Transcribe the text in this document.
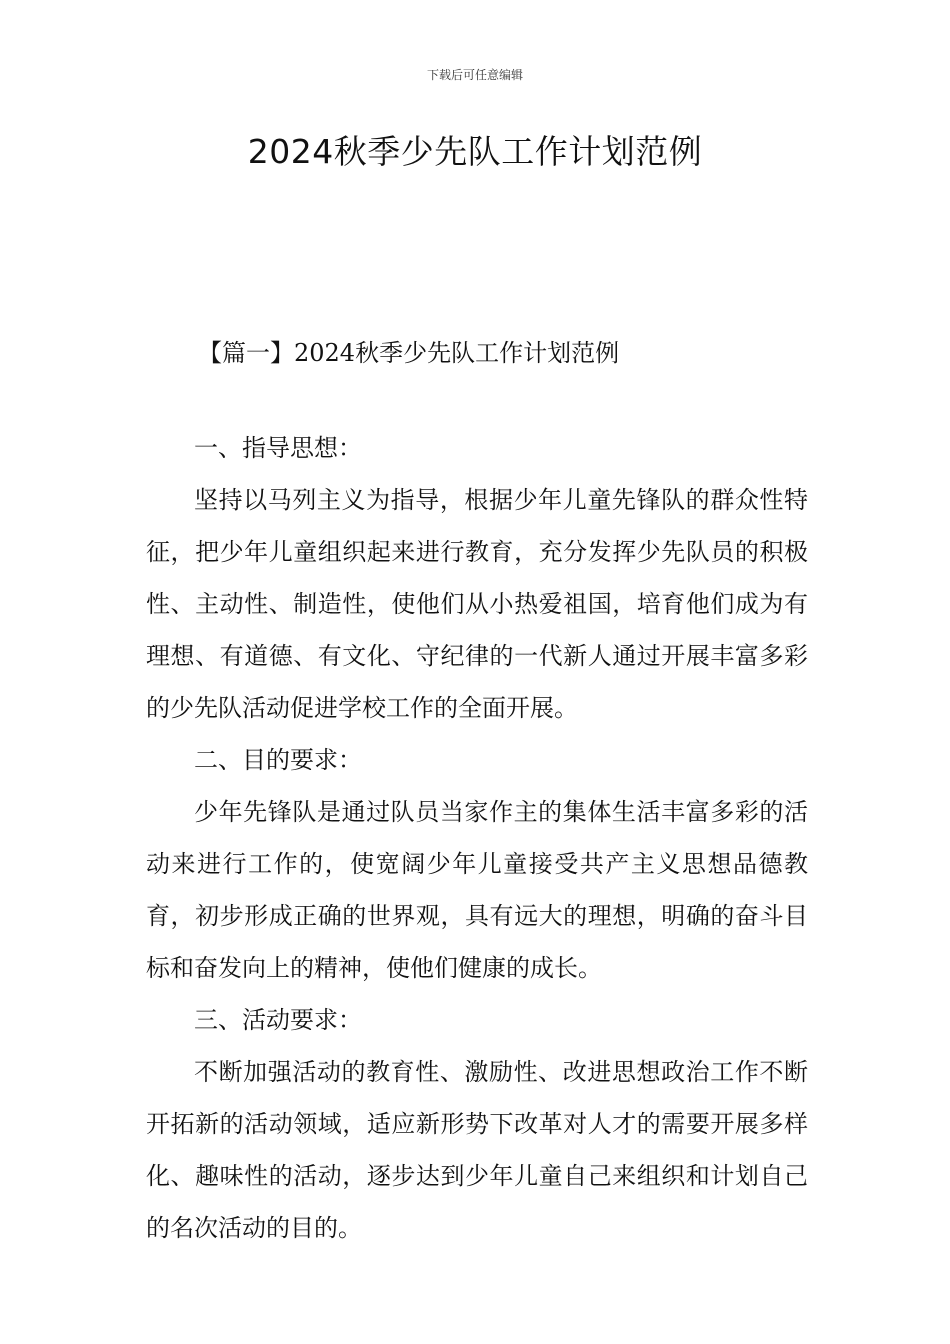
下载后可任意编辑
2024秋季少先队工作计划范例
【篇一】2024秋季少先队工作计划范例

一、指导思想：

坚持以马列主义为指导，根据少年儿童先锋队的群众性特征，把少年儿童组织起来进行教育，充分发挥少先队员的积极性、主动性、制造性，使他们从小热爱祖国，培育他们成为有理想、有道德、有文化、守纪律的一代新人通过开展丰富多彩的少先队活动促进学校工作的全面开展。

二、目的要求：

少年先锋队是通过队员当家作主的集体生活丰富多彩的活动来进行工作的，使宽阔少年儿童接受共产主义思想品德教育，初步形成正确的世界观，具有远大的理想，明确的奋斗目标和奋发向上的精神，使他们健康的成长。

三、活动要求：

不断加强活动的教育性、激励性、改进思想政治工作不断开拓新的活动领域，适应新形势下改革对人才的需要开展多样化、趣味性的活动，逐步达到少年儿童自己来组织和计划自己的名次活动的目的。
